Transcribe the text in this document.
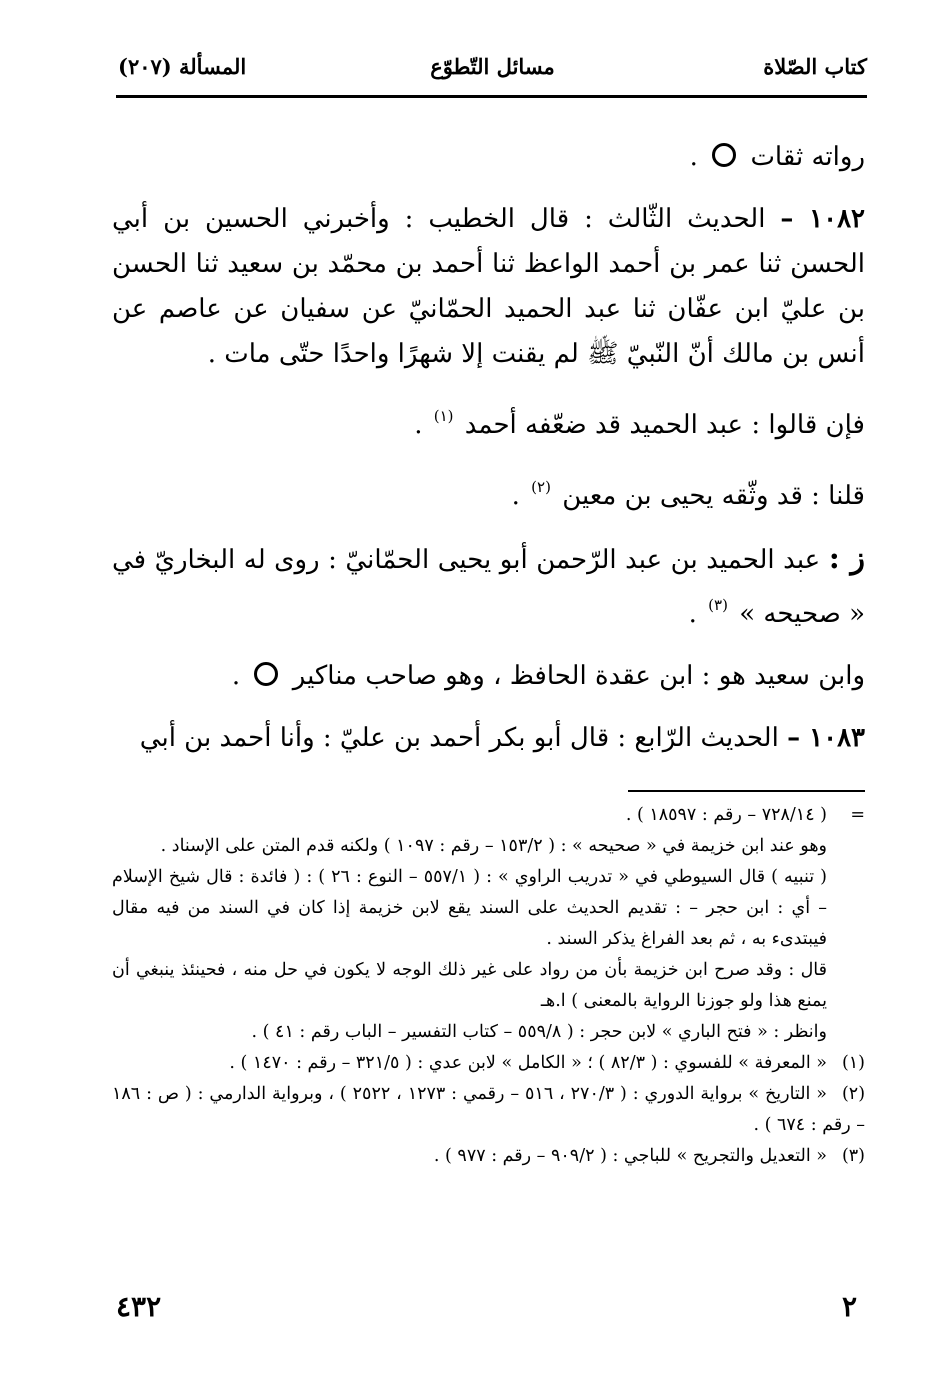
كتاب الصّلاة
مسائل التّطوّع
المسألة (٢٠٧)

رواته ثقات  .

١٠٨٢ – الحديث الثّالث : قال الخطيب : وأخبرني الحسين بن أبي الحسن ثنا عمر بن أحمد الواعظ ثنا أحمد بن محمّد بن سعيد ثنا الحسن بن عليّ ابن عفّان ثنا عبد الحميد الحمّانيّ عن سفيان عن عاصم عن أنس بن مالك أنّ النّبيّ ﷺ لم يقنت إلا شهرًا واحدًا حتّى مات .

فإن قالوا : عبد الحميد قد ضعّفه أحمد $^{(١)}$ .

قلنا : قد وثّقه يحيى بن معين $^{(٢)}$ .

ز : عبد الحميد بن عبد الرّحمن أبو يحيى الحمّانيّ : روى له البخاريّ في « صحيحه » $^{(٣)}$ .

وابن سعيد هو : ابن عقدة الحافظ ، وهو صاحب مناكير  .

١٠٨٣ – الحديث الرّابع : قال أبو بكر أحمد بن عليّ : وأنا أحمد بن أبي

=( ٧٢٨/١٤ – رقم : ١٨٥٩٧ ) .

وهو عند ابن خزيمة في « صحيحه » : ( ١٥٣/٢ – رقم : ١٠٩٧ ) ولكنه قدم المتن على الإسناد .

( تنبيه ) قال السيوطي في « تدريب الراوي » : ( ٥٥٧/١ – النوع : ٢٦ ) : ( فائدة : قال شيخ الإسلام – أي : ابن حجر – : تقديم الحديث على السند يقع لابن خزيمة إذا كان في السند من فيه مقال فيبتدىء به ، ثم بعد الفراغ يذكر السند .

قال : وقد صرح ابن خزيمة بأن من رواد على غير ذلك الوجه لا يكون في حل منه ، فحينئذ ينبغي أن يمنع هذا ولو جوزنا الرواية بالمعنى ) ا.هـ

وانظر : « فتح الباري » لابن حجر : ( ٥٥٩/٨ – كتاب التفسير – الباب رقم : ٤١ ) .

(١)« المعرفة » للفسوي : ( ٨٢/٣ ) ؛ « الكامل » لابن عدي : ( ٣٢١/٥ – رقم : ١٤٧٠ ) .

(٢)« التاريخ » برواية الدوري : ( ٢٧٠/٣ ، ٥١٦ – رقمي : ١٢٧٣ ، ٢٥٢٢ ) ، وبرواية الدارمي : ( ص : ١٨٦ – رقم : ٦٧٤ ) .

(٣)« التعديل والتجريح » للباجي : ( ٩٠٩/٢ – رقم : ٩٧٧ ) .

٢
٤٣٢
